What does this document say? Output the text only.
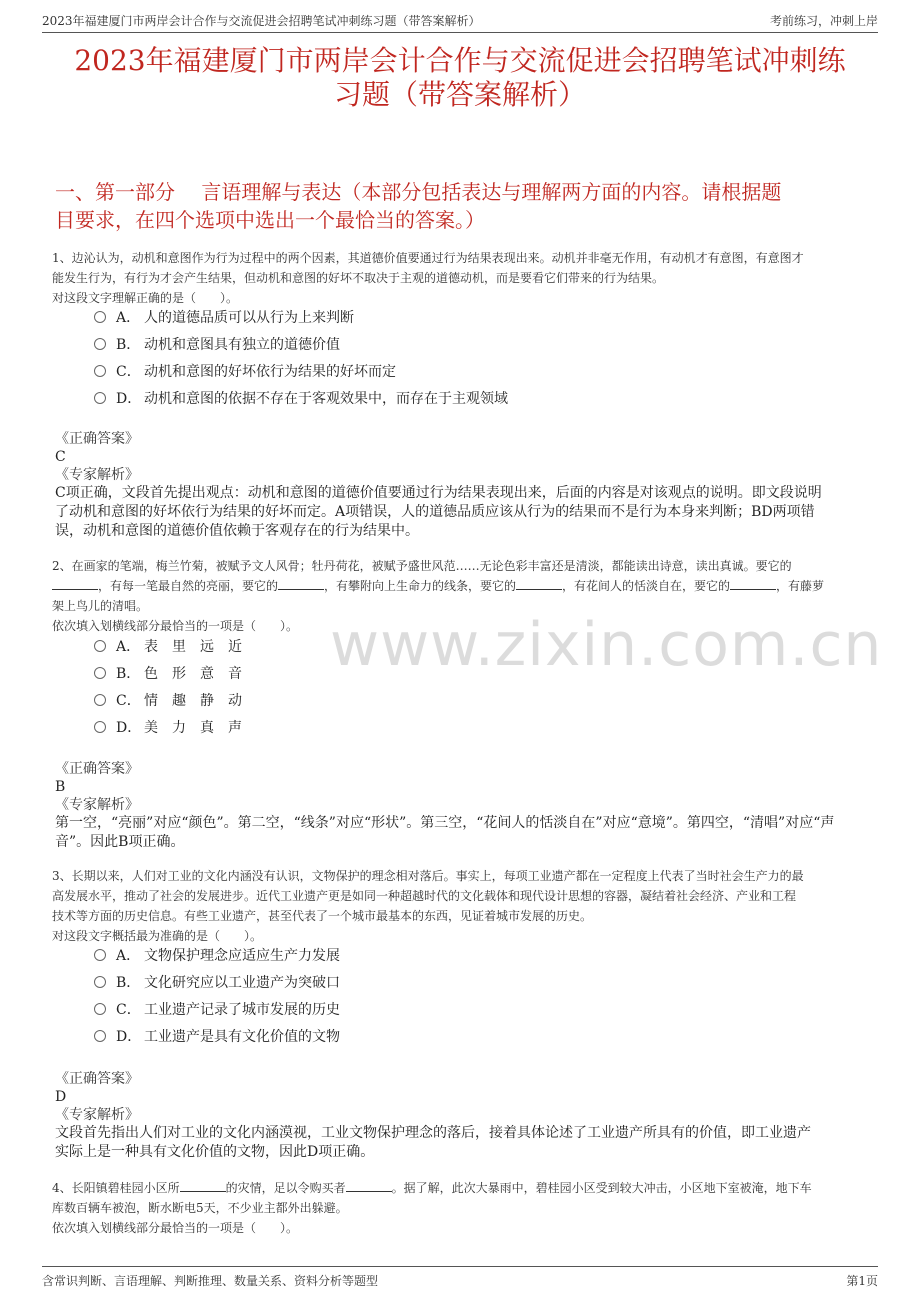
2023年福建厦门市两岸会计合作与交流促进会招聘笔试冲刺练习题（带答案解析）	考前练习，冲刺上岸
2023年福建厦门市两岸会计合作与交流促进会招聘笔试冲刺练
习题（带答案解析）
一、第一部分　 言语理解与表达（本部分包括表达与理解两方面的内容。请根据题
目要求，在四个选项中选出一个最恰当的答案。）
www.zixin.com.cn
1、边沁认为，动机和意图作为行为过程中的两个因素，其道德价值要通过行为结果表现出来。动机并非毫无作用，有动机才有意图，有意图才
能发生行为，有行为才会产生结果，但动机和意图的好坏不取决于主观的道德动机，而是要看它们带来的行为结果。
对这段文字理解正确的是（　　）。
A． 人的道德品质可以从行为上来判断
B． 动机和意图具有独立的道德价值
C． 动机和意图的好坏依行为结果的好坏而定
D． 动机和意图的依据不存在于客观效果中，而存在于主观领域
《正确答案》
C
《专家解析》
C项正确，文段首先提出观点：动机和意图的道德价值要通过行为结果表现出来，后面的内容是对该观点的说明。即文段说明
了动机和意图的好坏依行为结果的好坏而定。A项错误，人的道德品质应该从行为的结果而不是行为本身来判断；BD两项错
误，动机和意图的道德价值依赖于客观存在的行为结果中。
2、在画家的笔端，梅兰竹菊，被赋予文人风骨；牡丹荷花，被赋予盛世风范……无论色彩丰富还是清淡，都能读出诗意，读出真诚。要它的
，有每一笔最自然的亮丽，要它的	，有攀附向上生命力的线条，要它的	，有花间人的恬淡自在，要它的	，有藤萝
架上鸟儿的清唱。
依次填入划横线部分最恰当的一项是（　　）。
A． 表　里　远　近
B． 色　形　意　音
C． 情　趣　静　动
D． 美　力　真　声
《正确答案》
B
《专家解析》
第一空，“亮丽”对应“颜色”。第二空，“线条”对应“形状”。第三空，“花间人的恬淡自在”对应“意境”。第四空，“清唱”对应“声
音”。因此B项正确。
3、长期以来，人们对工业的文化内涵没有认识，文物保护的理念相对落后。事实上，每项工业遗产都在一定程度上代表了当时社会生产力的最
高发展水平，推动了社会的发展进步。近代工业遗产更是如同一种超越时代的文化载体和现代设计思想的容器，凝结着社会经济、产业和工程
技术等方面的历史信息。有些工业遗产，甚至代表了一个城市最基本的东西，见证着城市发展的历史。
对这段文字概括最为准确的是（　　）。
A． 文物保护理念应适应生产力发展
B． 文化研究应以工业遗产为突破口
C． 工业遗产记录了城市发展的历史
D． 工业遗产是具有文化价值的文物
《正确答案》
D
《专家解析》
文段首先指出人们对工业的文化内涵漠视，工业文物保护理念的落后，接着具体论述了工业遗产所具有的价值，即工业遗产
实际上是一种具有文化价值的文物，因此D项正确。
4、长阳镇碧桂园小区所	的灾情，足以令购买者	。据了解，此次大暴雨中，碧桂园小区受到较大冲击，小区地下室被淹，地下车
库数百辆车被泡，断水断电5天，不少业主都外出躲避。
依次填入划横线部分最恰当的一项是（　　）。
含常识判断、言语理解、判断推理、数量关系、资料分析等题型	第1页
